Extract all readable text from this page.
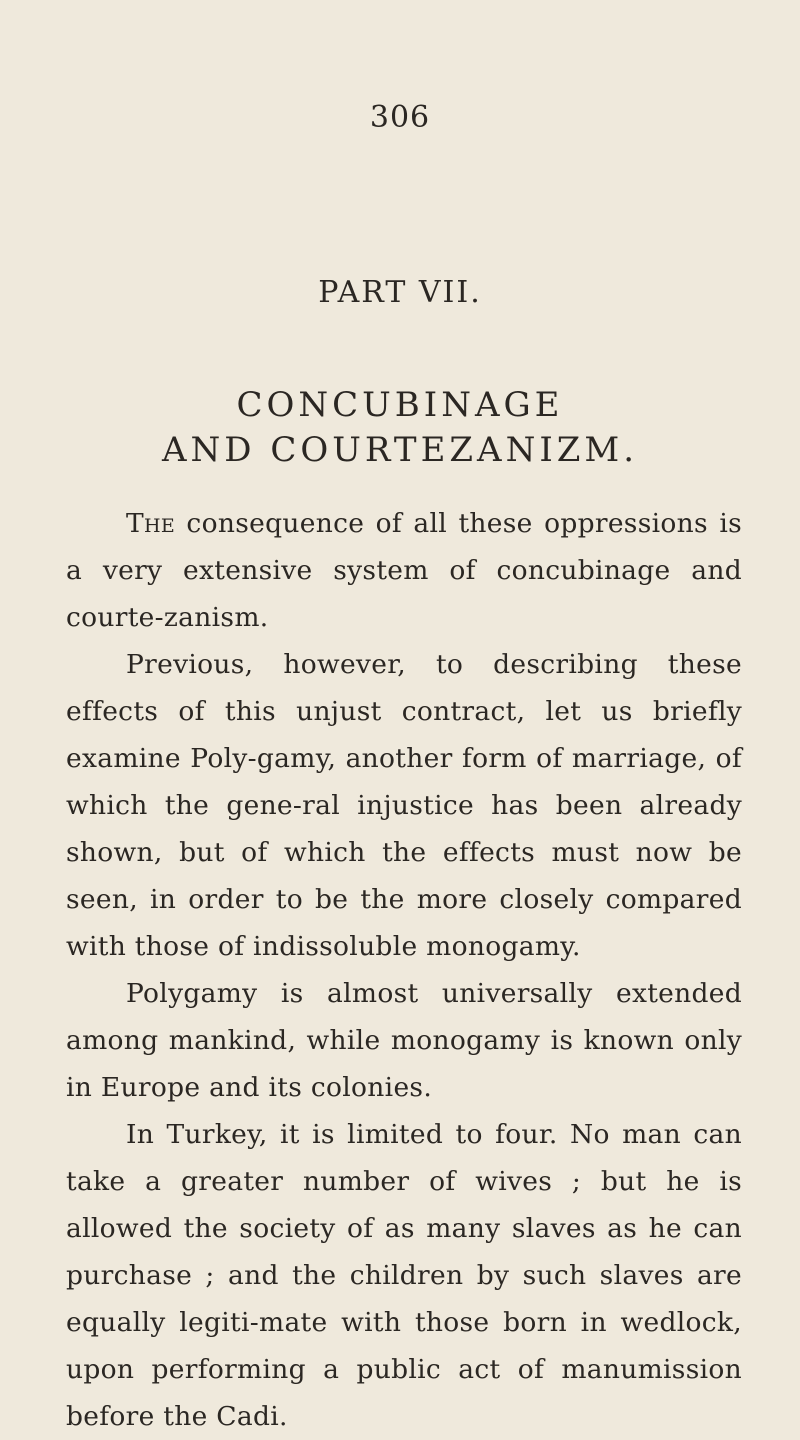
306
PART VII.
CONCUBINAGE
AND COURTEZANIZM.

The consequence of all these oppressions is a very extensive system of concubinage and courte-zanism.

Previous, however, to describing these effects of this unjust contract, let us briefly examine Poly-gamy, another form of marriage, of which the gene-ral injustice has been already shown, but of which the effects must now be seen, in order to be the more closely compared with those of indissoluble monogamy.

Polygamy is almost universally extended among mankind, while monogamy is known only in Europe and its colonies.

In Turkey, it is limited to four. No man can take a greater number of wives ; but he is allowed the society of as many slaves as he can purchase ; and the children by such slaves are equally legiti-mate with those born in wedlock, upon performing a public act of manumission before the Cadi.
